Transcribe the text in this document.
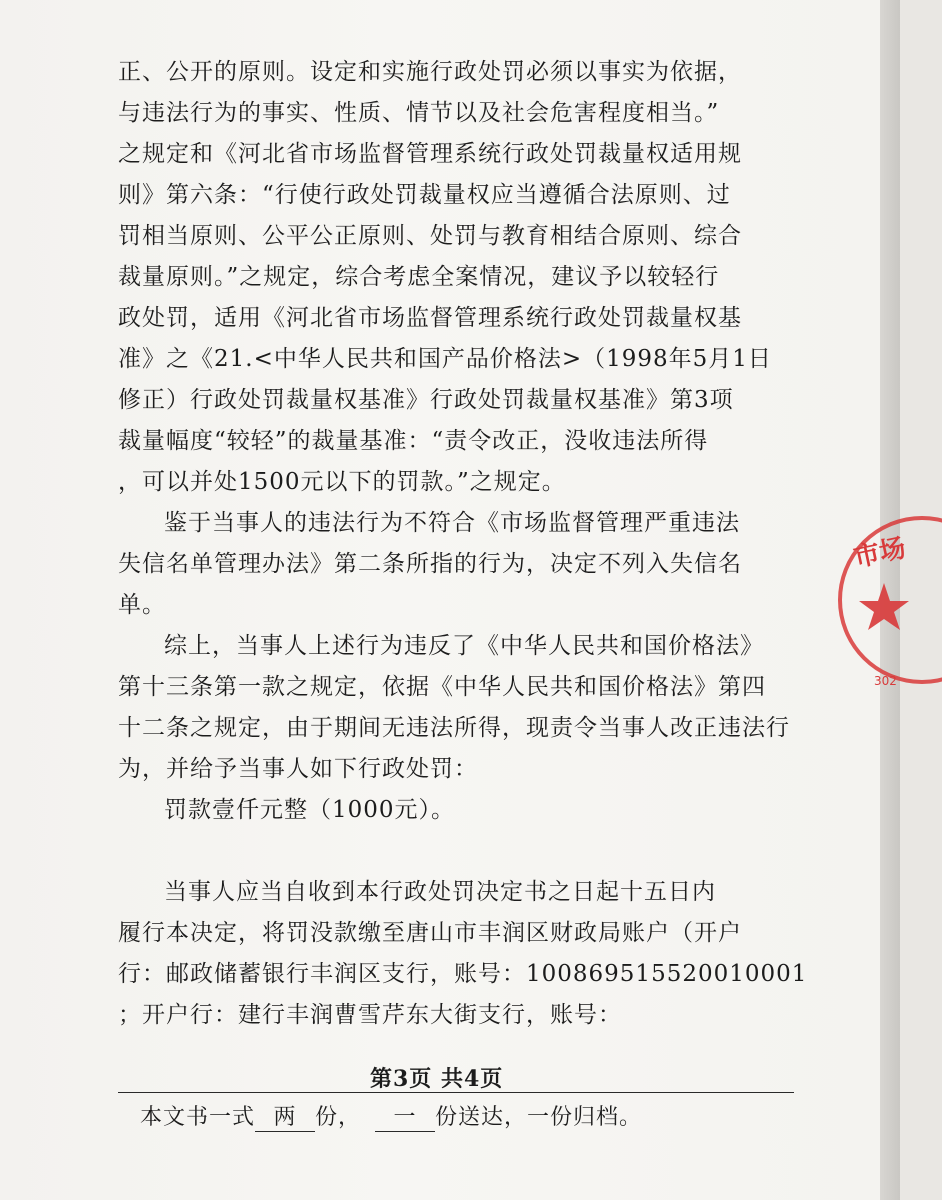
正、公开的原则。设定和实施行政处罚必须以事实为依据，
与违法行为的事实、性质、情节以及社会危害程度相当。”
之规定和《河北省市场监督管理系统行政处罚裁量权适用规
则》第六条：“行使行政处罚裁量权应当遵循合法原则、过
罚相当原则、公平公正原则、处罚与教育相结合原则、综合
裁量原则。”之规定，综合考虑全案情况，建议予以较轻行
政处罚，适用《河北省市场监督管理系统行政处罚裁量权基
准》之《21.<中华人民共和国产品价格法>（1998年5月1日
修正）行政处罚裁量权基准》行政处罚裁量权基准》第3项
裁量幅度“较轻”的裁量基准：“责令改正，没收违法所得
，可以并处1500元以下的罚款。”之规定。
鉴于当事人的违法行为不符合《市场监督管理严重违法
失信名单管理办法》第二条所指的行为，决定不列入失信名
单。
综上，当事人上述行为违反了《中华人民共和国价格法》
第十三条第一款之规定，依据《中华人民共和国价格法》第四
十二条之规定，由于期间无违法所得，现责令当事人改正违法行
为，并给予当事人如下行政处罚：
罚款壹仟元整（1000元）。
当事人应当自收到本行政处罚决定书之日起十五日内
履行本决定，将罚没款缴至唐山市丰润区财政局账户（开户
行：邮政储蓄银行丰润区支行，账号：100869515520010001
；开户行：建行丰润曹雪芹东大街支行，账号：
第3页 共4页
本文书一式 两 份， 一 份送达，一份归档。
市场
302
